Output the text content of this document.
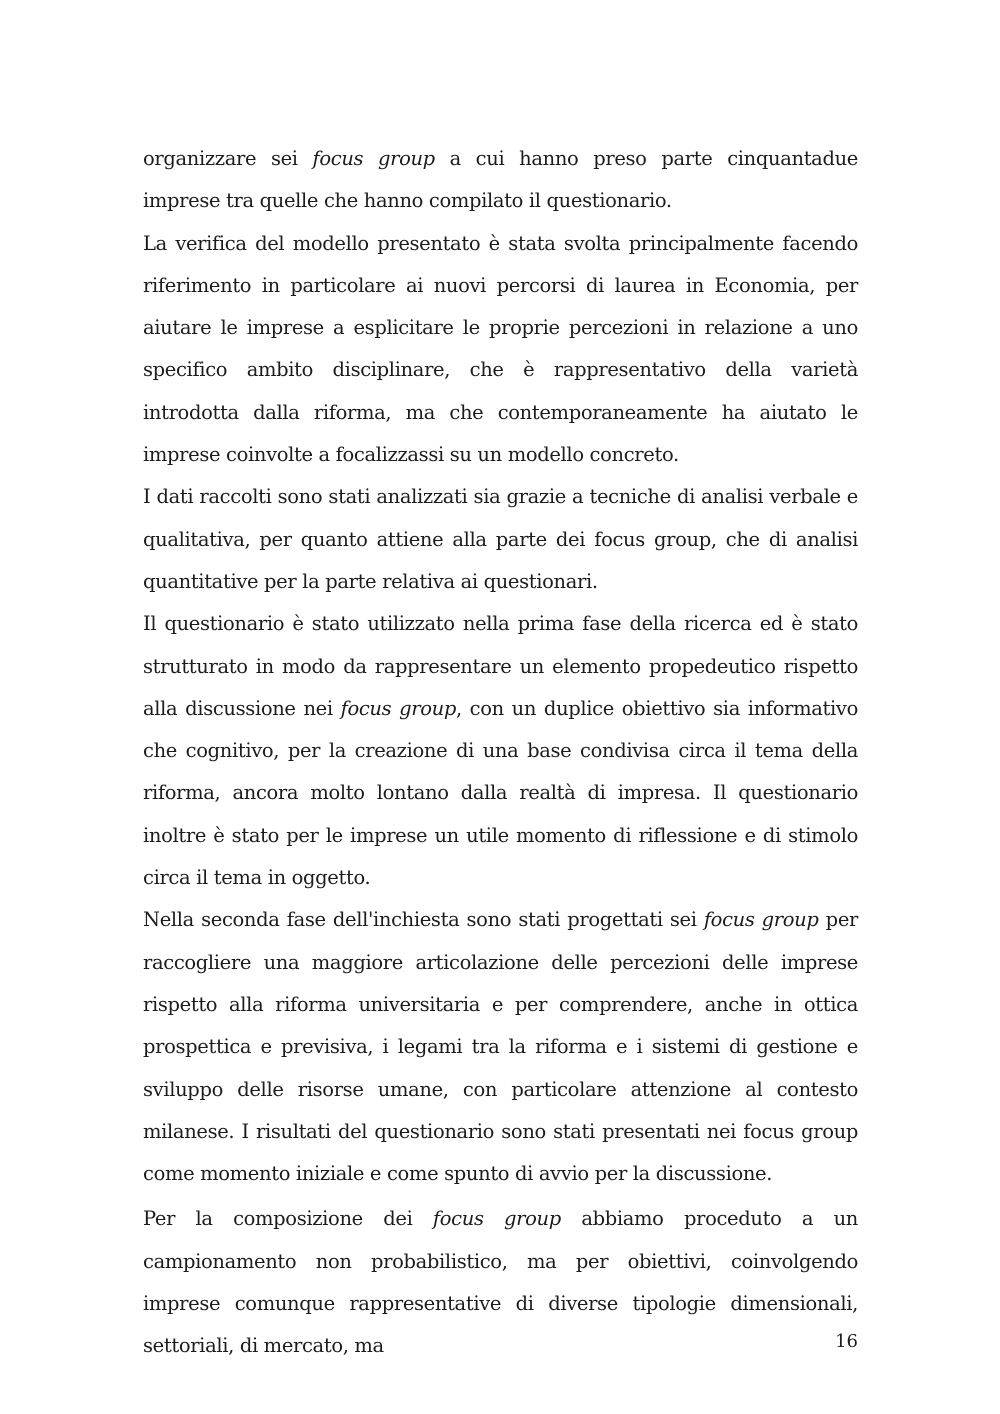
organizzare sei focus group a cui hanno preso parte cinquantadue imprese tra quelle che hanno compilato il questionario.

La verifica del modello presentato è stata svolta principalmente facendo riferimento in particolare ai nuovi percorsi di laurea in Economia, per aiutare le imprese a esplicitare le proprie percezioni in relazione a uno specifico ambito disciplinare, che è rappresentativo della varietà introdotta dalla riforma, ma che contemporaneamente ha aiutato le imprese coinvolte a focalizzassi su un modello concreto.

I dati raccolti sono stati analizzati sia grazie a tecniche di analisi verbale e qualitativa, per quanto attiene alla parte dei focus group, che di analisi quantitative per la parte relativa ai questionari.

Il questionario è stato utilizzato nella prima fase della ricerca ed è stato strutturato in modo da rappresentare un elemento propedeutico rispetto alla discussione nei focus group, con un duplice obiettivo sia informativo che cognitivo, per la creazione di una base condivisa circa il tema della riforma, ancora molto lontano dalla realtà di impresa. Il questionario inoltre è stato per le imprese un utile momento di riflessione e di stimolo circa il tema in oggetto.

Nella seconda fase dell'inchiesta sono stati progettati sei focus group per raccogliere una maggiore articolazione delle percezioni delle imprese rispetto alla riforma universitaria e per comprendere, anche in ottica prospettica e previsiva, i legami tra la riforma e i sistemi di gestione e sviluppo delle risorse umane, con particolare attenzione al contesto milanese. I risultati del questionario sono stati presentati nei focus group come momento iniziale e come spunto di avvio per la discussione.

Per la composizione dei focus group abbiamo proceduto a un campionamento non probabilistico, ma per obiettivi, coinvolgendo imprese comunque rappresentative di diverse tipologie dimensionali, settoriali, di mercato, ma	16
